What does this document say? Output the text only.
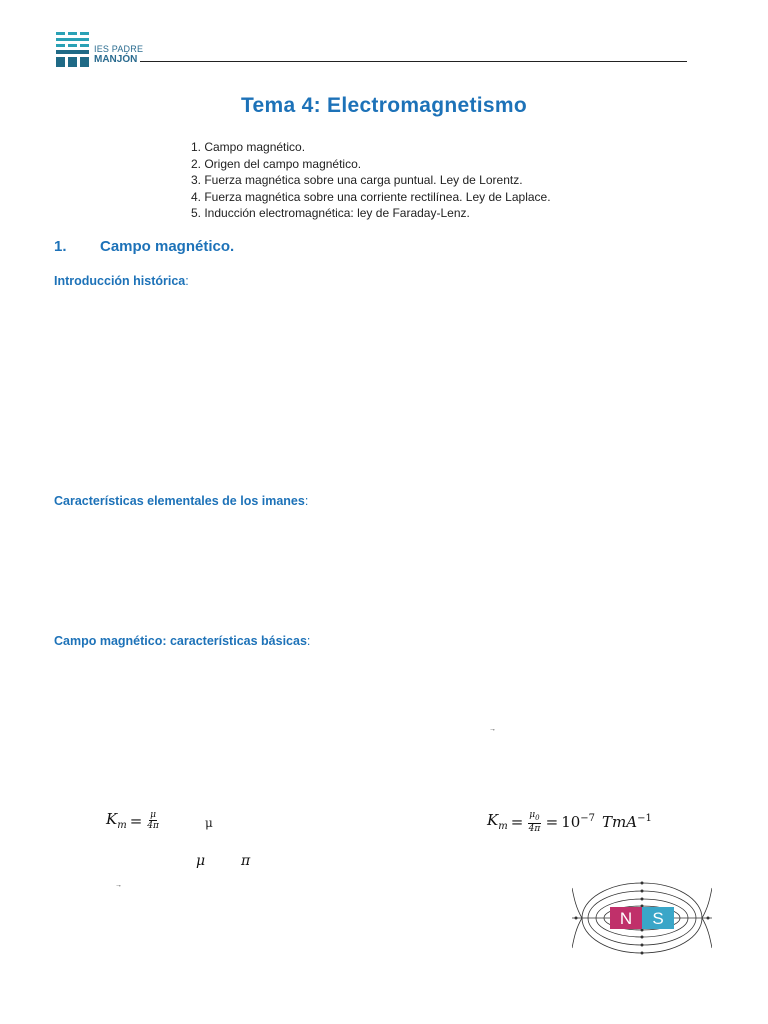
IES PADRE
MANJÓN
Tema 4: Electromagnetismo
1. Campo magnético.
2. Origen del campo magnético.
3. Fuerza magnética sobre una carga puntual. Ley de Lorentz.
4. Fuerza magnética sobre una corriente rectilínea. Ley de Laplace.
5. Inducción electromagnética: ley de Faraday-Lenz.
1. Campo magnético.
Introducción histórica:
Características elementales de los imanes:
Campo magnético: características básicas:
→
→
$K_m = \frac{\mu}{4\pi}$	μ	$K_m = \frac{\mu_0}{4\pi} = 10^{-7}$ TmA$^{-1}$
μ	π
N S
